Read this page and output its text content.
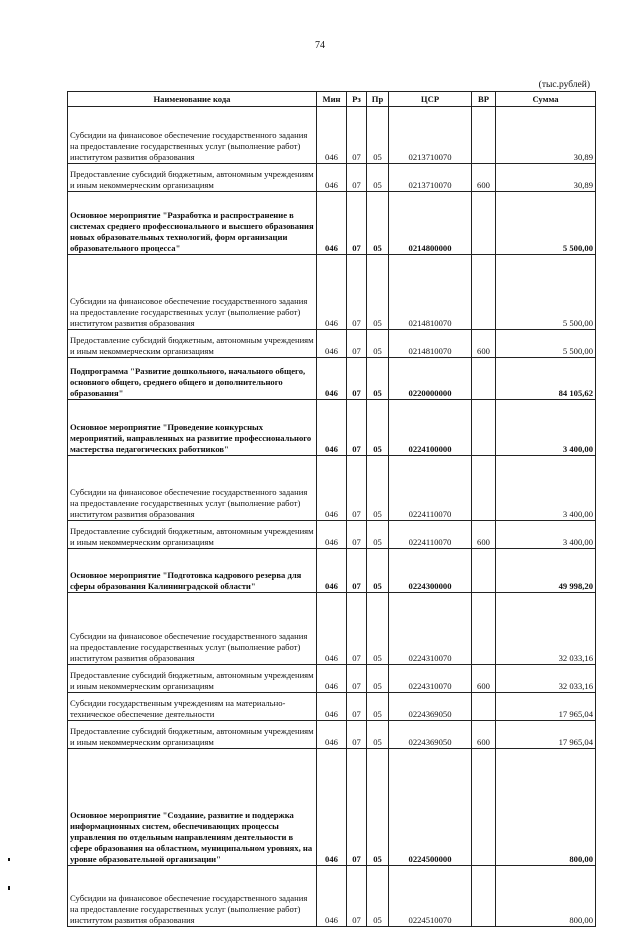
74
(тыс.рублей)
Наименование кода	Мин	Рз	Пр	ЦСР	ВР	Сумма
Субсидии на финансовое обеспечение государственного задания на предоставление государственных услуг (выполнение работ) институтом развития образования	046	07	05	0213710070		30,89
Предоставление субсидий бюджетным, автономным учреждениям и иным некоммерческим организациям	046	07	05	0213710070	600	30,89
Основное мероприятие "Разработка и распространение в системах среднего профессионального и высшего образования новых образовательных технологий, форм организации образовательного процесса"	046	07	05	0214800000		5 500,00
Субсидии на финансовое обеспечение государственного задания на предоставление государственных услуг (выполнение работ) институтом развития образования	046	07	05	0214810070		5 500,00
Предоставление субсидий бюджетным, автономным учреждениям и иным некоммерческим организациям	046	07	05	0214810070	600	5 500,00
Подпрограмма "Развитие дошкольного, начального общего, основного общего, среднего общего и дополнительного образования"	046	07	05	0220000000		84 105,62
Основное мероприятие "Проведение конкурсных мероприятий, направленных на развитие профессионального мастерства педагогических работников"	046	07	05	0224100000		3 400,00
Субсидии на финансовое обеспечение государственного задания на предоставление государственных услуг (выполнение работ) институтом развития образования	046	07	05	0224110070		3 400,00
Предоставление субсидий бюджетным, автономным учреждениям и иным некоммерческим организациям	046	07	05	0224110070	600	3 400,00
Основное мероприятие "Подготовка кадрового резерва для сферы образования Калининградской области"	046	07	05	0224300000		49 998,20
Субсидии на финансовое обеспечение государственного задания на предоставление государственных услуг (выполнение работ) институтом развития образования	046	07	05	0224310070		32 033,16
Предоставление субсидий бюджетным, автономным учреждениям и иным некоммерческим организациям	046	07	05	0224310070	600	32 033,16
Субсидии государственным учреждениям на материально-техническое обеспечение деятельности	046	07	05	0224369050		17 965,04
Предоставление субсидий бюджетным, автономным учреждениям и иным некоммерческим организациям	046	07	05	0224369050	600	17 965,04
Основное мероприятие "Создание, развитие и поддержка информационных систем, обеспечивающих процессы управления по отдельным направлениям деятельности в сфере образования на областном, муниципальном уровнях, на уровне образовательной организации"	046	07	05	0224500000		800,00
Субсидии на финансовое обеспечение государственного задания на предоставление государственных услуг (выполнение работ) институтом развития образования	046	07	05	0224510070		800,00
